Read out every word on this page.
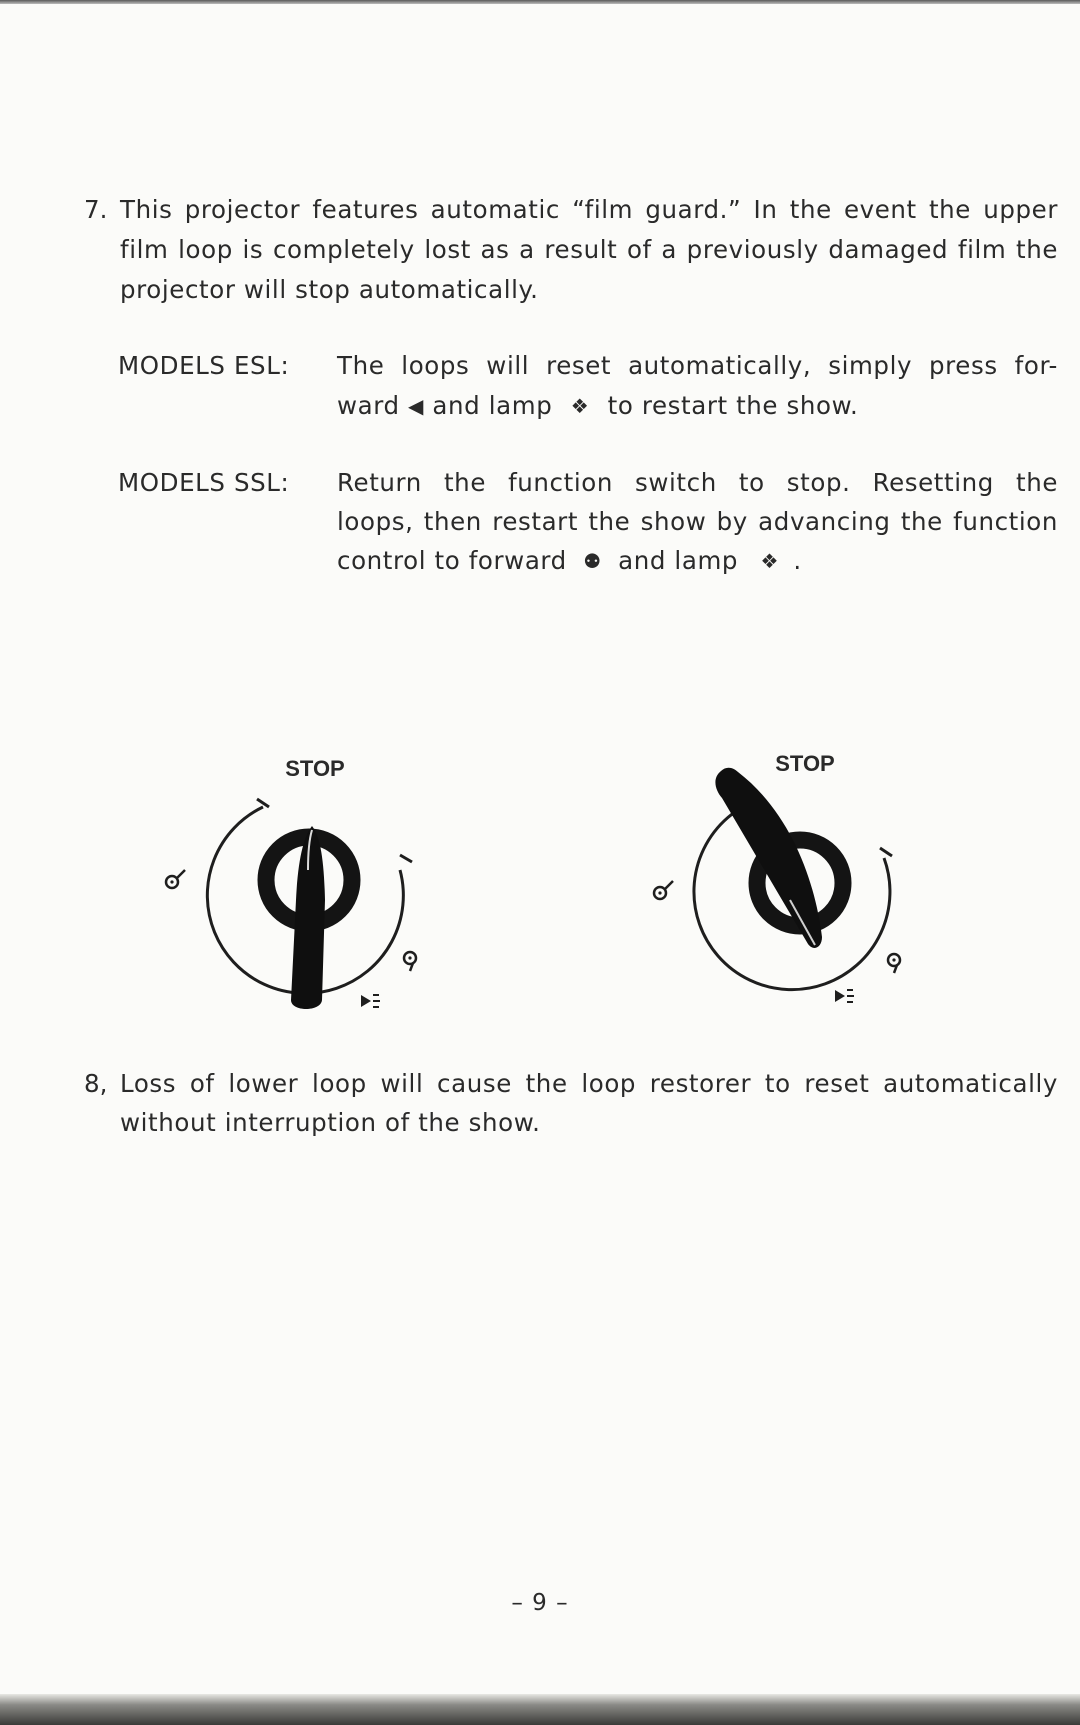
7. This projector features automatic “film guard.” In the event the upper
film loop is completely lost as a result of a previously damaged film the
projector will stop automatically.
MODELS ESL: The loops will reset automatically, simply press for-
ward ◀ and lamp ❖ to restart the show.
MODELS SSL: Return the function switch to stop. Resetting the
loops, then restart the show by advancing the function
control to forward ⚉ and lamp ❖ .
STOP	STOP
8, Loss of lower loop will cause the loop restorer to reset automatically
without interruption of the show.
– 9 –
